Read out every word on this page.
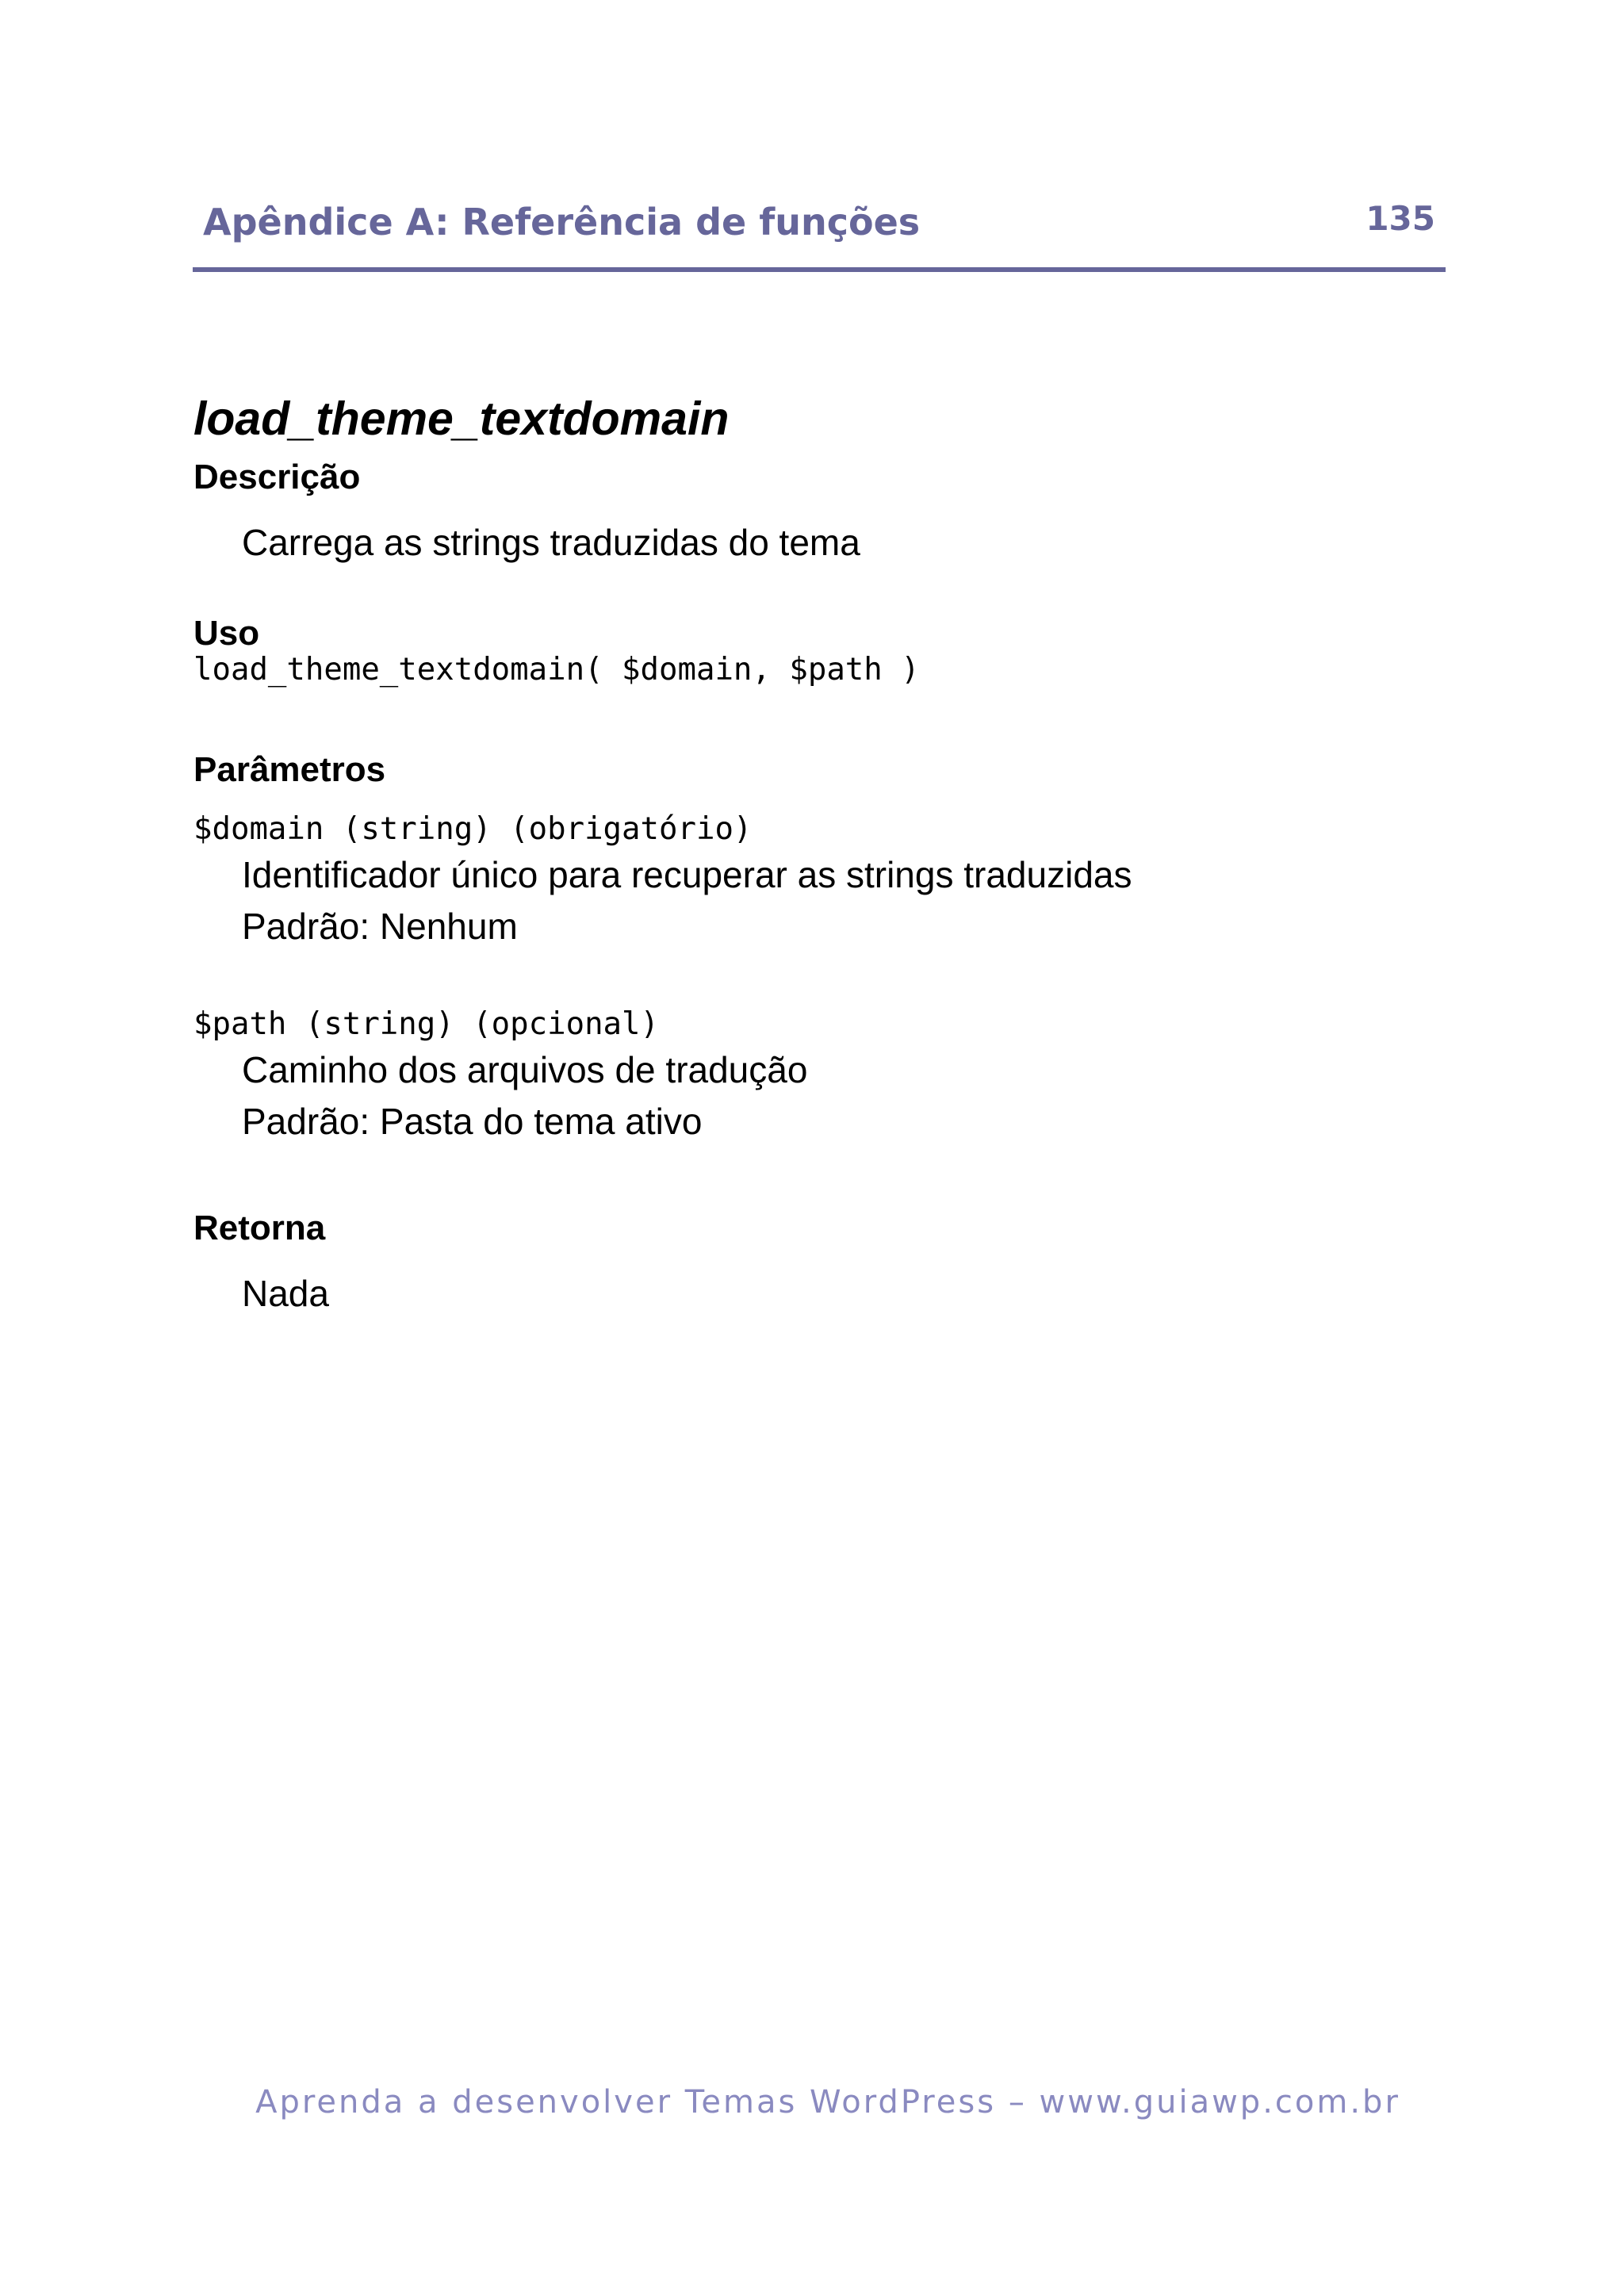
Apêndice A: Referência de funções	135
load_theme_textdomain
Descrição

Carrega as strings traduzidas do tema

Uso

load_theme_textdomain( $domain, $path )

Parâmetros

$domain (string) (obrigatório)

Identificador único para recuperar as strings traduzidas

Padrão: Nenhum

$path (string) (opcional)

Caminho dos arquivos de tradução

Padrão: Pasta do tema ativo

Retorna

Nada

Aprenda a desenvolver Temas WordPress – www.guiawp.com.br
